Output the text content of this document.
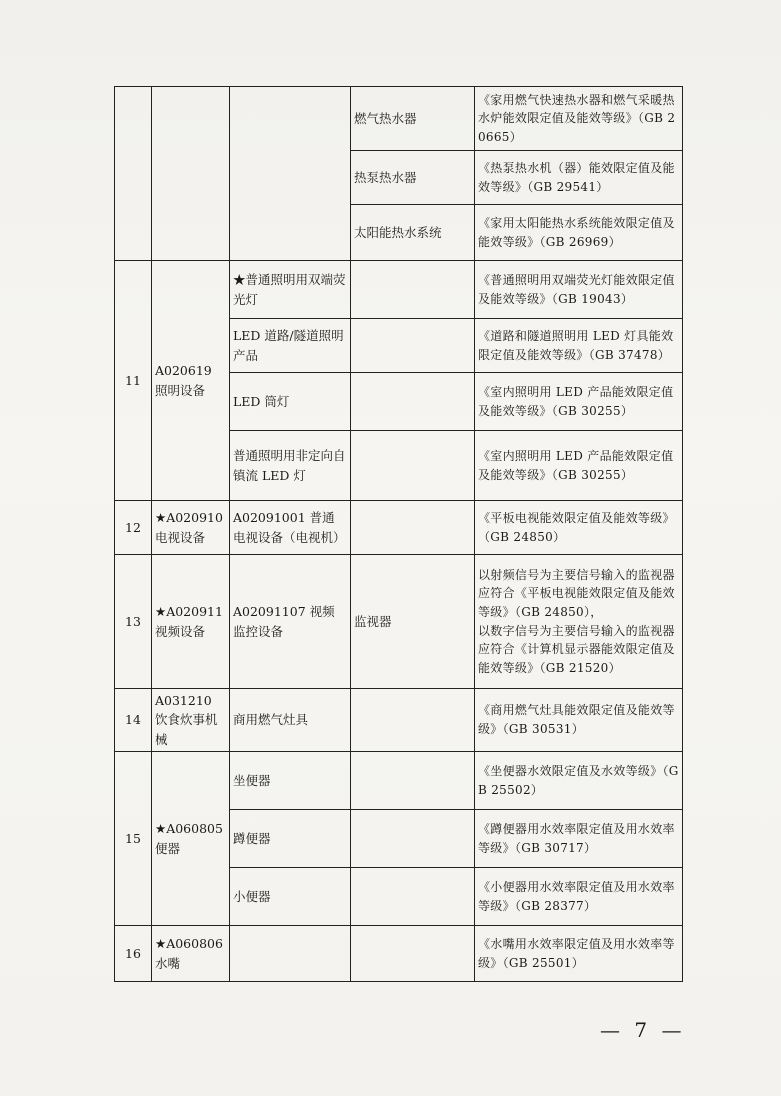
			燃气热水器	《家用燃气快速热水器和燃气采暖热水炉能效限定值及能效等级》（GB 20665）
			热泵热水器	《热泵热水机（器）能效限定值及能效等级》（GB 29541）
			太阳能热水系统	《家用太阳能热水系统能效限定值及能效等级》（GB 26969）
11	A020619 照明设备	★普通照明用双端荧光灯		《普通照明用双端荧光灯能效限定值及能效等级》（GB 19043）
		LED 道路/隧道照明产品		《道路和隧道照明用 LED 灯具能效限定值及能效等级》（GB 37478）
		LED 筒灯		《室内照明用 LED 产品能效限定值及能效等级》（GB 30255）
		普通照明用非定向自镇流 LED 灯		《室内照明用 LED 产品能效限定值及能效等级》（GB 30255）
12	★A020910 电视设备	A02091001 普通电视设备（电视机）		《平板电视能效限定值及能效等级》（GB 24850）
13	★A020911 视频设备	A02091107 视频监控设备	监视器	以射频信号为主要信号输入的监视器应符合《平板电视能效限定值及能效等级》（GB 24850），
以数字信号为主要信号输入的监视器应符合《计算机显示器能效限定值及能效等级》（GB 21520）
14	A031210 饮食炊事机械	商用燃气灶具		《商用燃气灶具能效限定值及能效等级》（GB 30531）
15	★A060805 便器	坐便器		《坐便器水效限定值及水效等级》（GB 25502）
		蹲便器		《蹲便器用水效率限定值及用水效率等级》（GB 30717）
		小便器		《小便器用水效率限定值及用水效率等级》（GB 28377）
16	★A060806 水嘴			《水嘴用水效率限定值及用水效率等级》（GB 25501）
— 7 —
